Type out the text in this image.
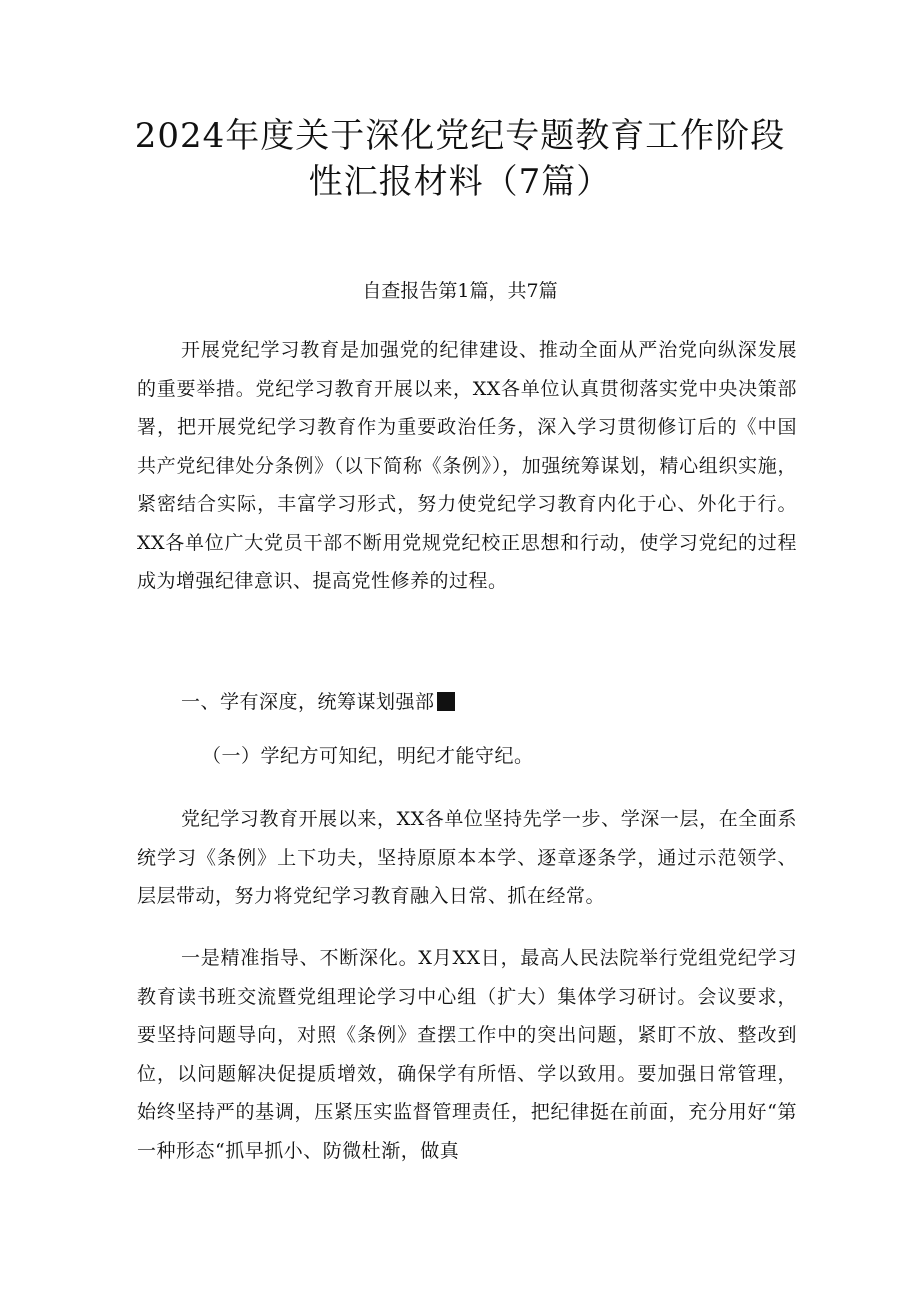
2024年度关于深化党纪专题教育工作阶段
性汇报材料（7篇）

自查报告第1篇，共7篇

开展党纪学习教育是加强党的纪律建设、推动全面从严治党向纵深发展的重要举措。党纪学习教育开展以来，XX各单位认真贯彻落实党中央决策部署，把开展党纪学习教育作为重要政治任务，深入学习贯彻修订后的《中国共产党纪律处分条例》（以下简称《条例》），加强统筹谋划，精心组织实施，紧密结合实际，丰富学习形式，努力使党纪学习教育内化于心、外化于行。XX各单位广大党员干部不断用党规党纪校正思想和行动，使学习党纪的过程成为增强纪律意识、提高党性修养的过程。

一、学有深度，统筹谋划强部
（一）学纪方可知纪，明纪才能守纪。

党纪学习教育开展以来，XX各单位坚持先学一步、学深一层，在全面系统学习《条例》上下功夫，坚持原原本本学、逐章逐条学，通过示范领学、层层带动，努力将党纪学习教育融入日常、抓在经常。

一是精准指导、不断深化。X月XX日，最高人民法院举行党组党纪学习教育读书班交流暨党组理论学习中心组（扩大）集体学习研讨。会议要求，要坚持问题导向，对照《条例》查摆工作中的突出问题，紧盯不放、整改到位，以问题解决促提质增效，确保学有所悟、学以致用。要加强日常管理，始终坚持严的基调，压紧压实监督管理责任，把纪律挺在前面，充分用好“第一种形态“抓早抓小、防微杜渐，做真
